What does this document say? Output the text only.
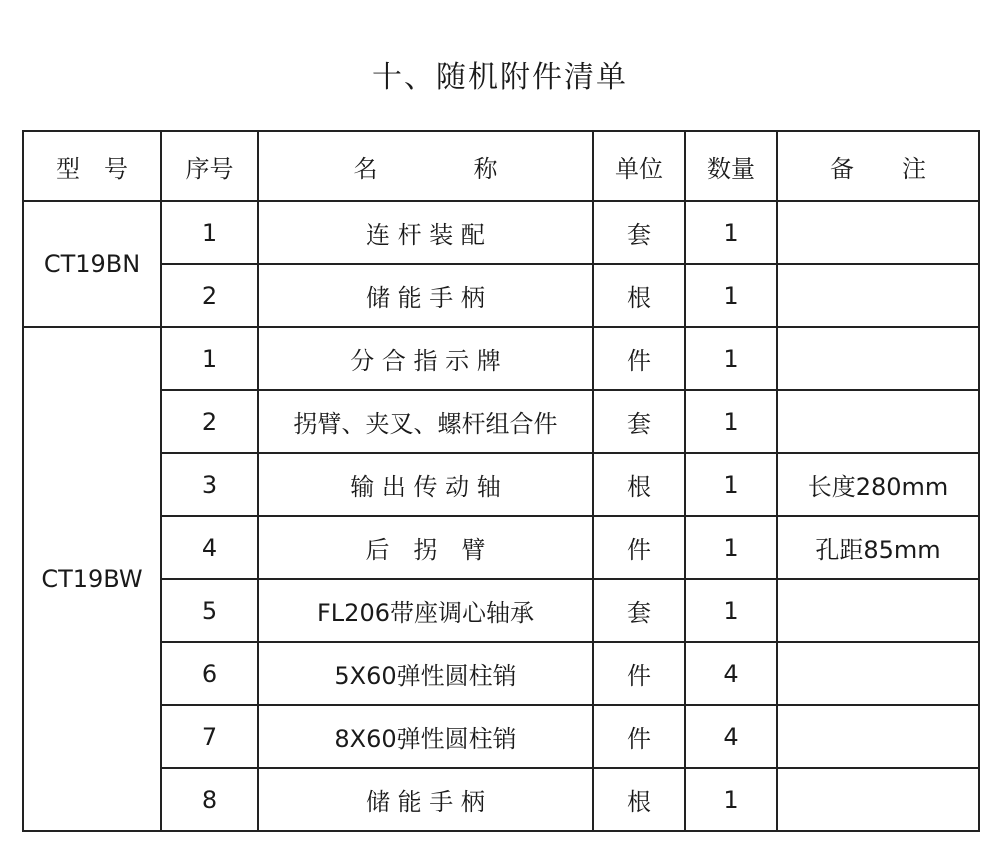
十、随机附件清单
型　号	序号	名　　　　称	单位	数量	备　　注
CT19BN	1	连 杆 装 配	套	1	
	2	储 能 手 柄	根	1	
CT19BW	1	分 合 指 示 牌	件	1	
	2	拐臂、夹叉、螺杆组合件	套	1	
	3	输 出 传 动 轴	根	1	长度280mm
	4	后　拐　臂	件	1	孔距85mm
	5	FL206带座调心轴承	套	1	
	6	5X60弹性圆柱销	件	4	
	7	8X60弹性圆柱销	件	4	
	8	储 能 手 柄	根	1	
